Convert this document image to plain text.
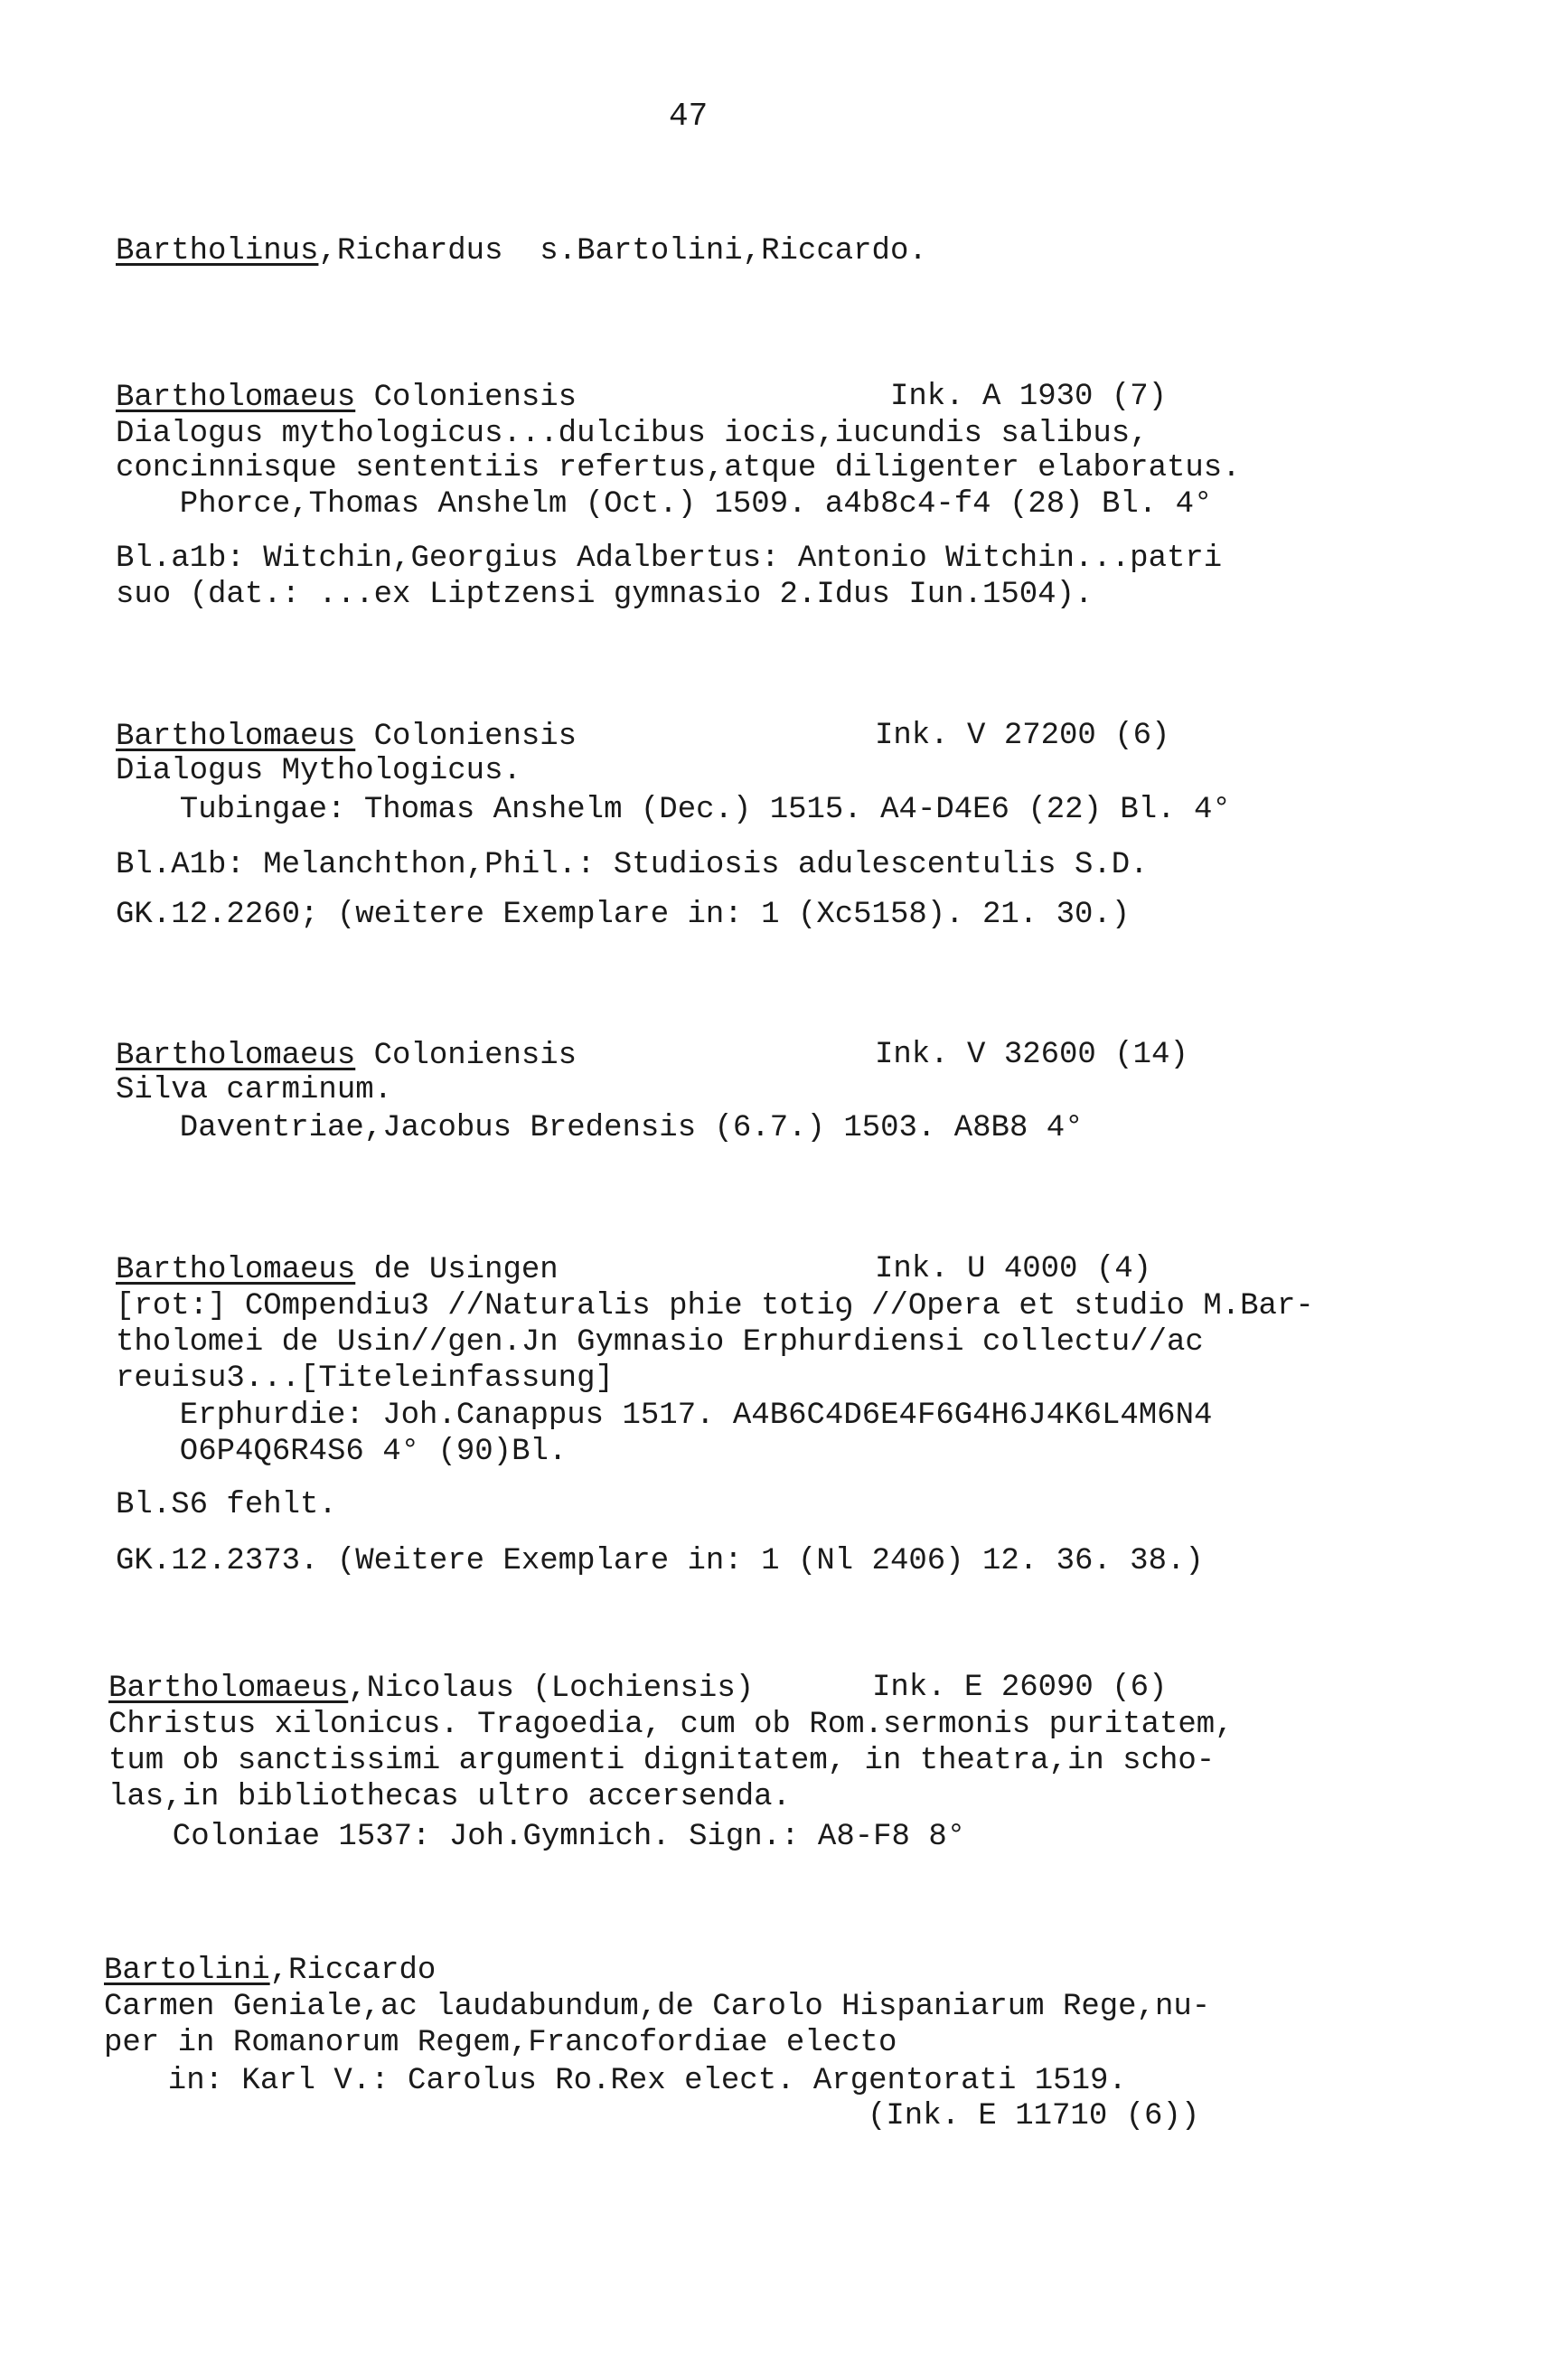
47
Bartholinus,Richardus  s.Bartolini,Riccardo.
Bartholomaeus Coloniensis	Ink. A 1930 (7)
Dialogus mythologicus...dulcibus iocis,iucundis salibus,
concinnisque sententiis refertus,atque diligenter elaboratus.
Phorce,Thomas Anshelm (Oct.) 1509. a4b8c4-f4 (28) Bl. 4°
Bl.a1b: Witchin,Georgius Adalbertus: Antonio Witchin...patri
suo (dat.: ...ex Liptzensi gymnasio 2.Idus Iun.1504).
Bartholomaeus Coloniensis	Ink. V 27200 (6)
Dialogus Mythologicus.
Tubingae: Thomas Anshelm (Dec.) 1515. A4-D4E6 (22) Bl. 4°
Bl.A1b: Melanchthon,Phil.: Studiosis adulescentulis S.D.
GK.12.2260; (weitere Exemplare in: 1 (Xc5158). 21. 30.)
Bartholomaeus Coloniensis	Ink. V 32600 (14)
Silva carminum.
Daventriae,Jacobus Bredensis (6.7.) 1503. A8B8 4°
Bartholomaeus de Usingen	Ink. U 4000 (4)
[rot:] COmpendiu3 //Naturalis phie totiꝯ //Opera et studio M.Bar-
tholomei de Usin//gen.Jn Gymnasio Erphurdiensi collectu//ac
reuisu3...[Titeleinfassung]
Erphurdie: Joh.Canappus 1517. A4B6C4D6E4F6G4H6J4K6L4M6N4
O6P4Q6R4S6 4° (90)Bl.
Bl.S6 fehlt.
GK.12.2373. (Weitere Exemplare in: 1 (Nl 2406) 12. 36. 38.)
Bartholomaeus,Nicolaus (Lochiensis)	Ink. E 26090 (6)
Christus xilonicus. Tragoedia, cum ob Rom.sermonis puritatem,
tum ob sanctissimi argumenti dignitatem, in theatra,in scho-
las,in bibliothecas ultro accersenda.
Coloniae 1537: Joh.Gymnich. Sign.: A8-F8 8°
Bartolini,Riccardo
Carmen Geniale,ac laudabundum,de Carolo Hispaniarum Rege,nu-
per in Romanorum Regem,Francofordiae electo
in: Karl V.: Carolus Ro.Rex elect. Argentorati 1519.
(Ink. E 11710 (6))
